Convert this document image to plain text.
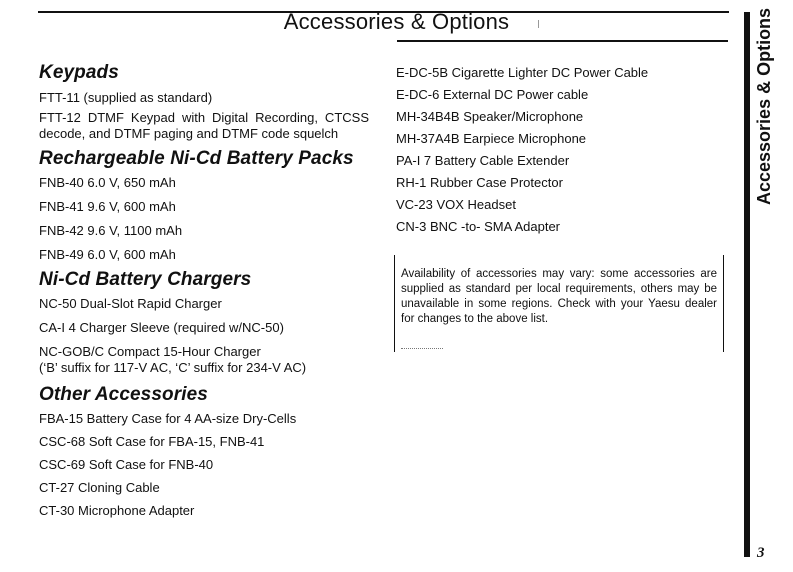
Accessories & Options

Keypads

FTT-11 (supplied as standard)

FTT-12 DTMF Keypad with Digital Recording, CTCSS decode, and DTMF paging and DTMF code squelch

Rechargeable Ni-Cd Battery Packs

FNB-40 6.0 V, 650 mAh

FNB-41 9.6 V, 600 mAh

FNB-42 9.6 V, 1100 mAh

FNB-49 6.0 V, 600 mAh

Ni-Cd Battery Chargers

NC-50 Dual-Slot Rapid Charger

CA-I 4 Charger Sleeve (required w/NC-50)

NC-GOB/C Compact 15-Hour Charger

(‘B’ suffix for 117-V AC, ‘C’ suffix for 234-V AC)

Other Accessories

FBA-15 Battery Case for 4 AA-size Dry-Cells

CSC-68 Soft Case for FBA-15, FNB-41

CSC-69 Soft Case for FNB-40

CT-27 Cloning Cable

CT-30 Microphone Adapter

E-DC-5B Cigarette Lighter DC Power Cable

E-DC-6 External DC Power cable

MH-34B4B Speaker/Microphone

MH-37A4B Earpiece Microphone

PA-I 7 Battery Cable Extender

RH-1 Rubber Case Protector

VC-23 VOX Headset

CN-3 BNC -to- SMA Adapter

Availability of accessories may vary: some accessories are supplied as standard per local requirements, others may be unavailable in some regions. Check with your Yaesu dealer for changes to the above list.
Accessories & Options
3
